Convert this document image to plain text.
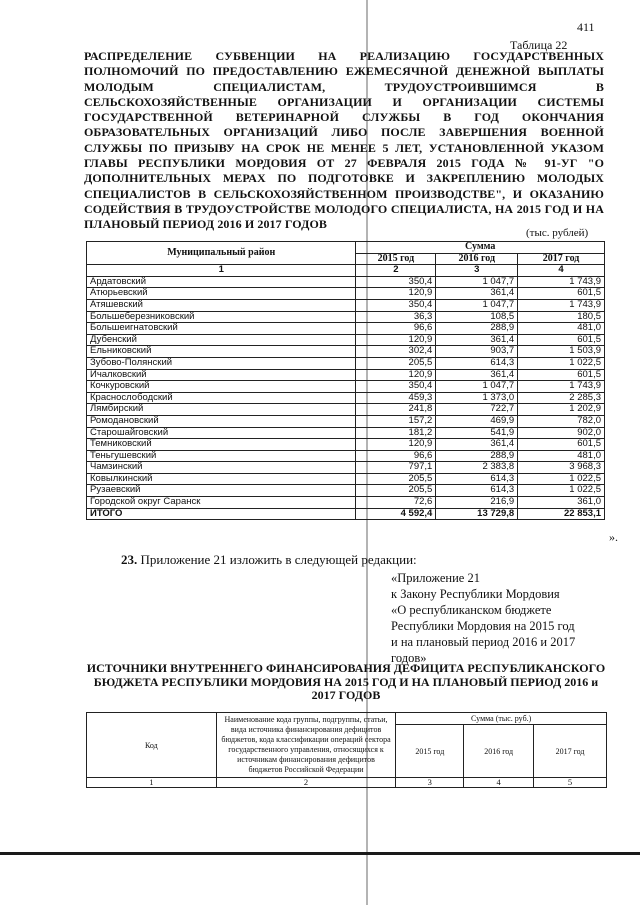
411
Таблица 22
РАСПРЕДЕЛЕНИЕ СУБВЕНЦИИ НА РЕАЛИЗАЦИЮ ГОСУДАРСТВЕННЫХ ПОЛНОМОЧИЙ ПО ПРЕДОСТАВЛЕНИЮ ЕЖЕМЕСЯЧНОЙ ДЕНЕЖНОЙ ВЫПЛАТЫ МОЛОДЫМ СПЕЦИАЛИСТАМ, ТРУДОУСТРОИВШИМСЯ В СЕЛЬСКОХОЗЯЙСТВЕННЫЕ ОРГАНИЗАЦИИ И ОРГАНИЗАЦИИ СИСТЕМЫ ГОСУДАРСТВЕННОЙ ВЕТЕРИНАРНОЙ СЛУЖБЫ В ГОД ОКОНЧАНИЯ ОБРАЗОВАТЕЛЬНЫХ ОРГАНИЗАЦИЙ ЛИБО ПОСЛЕ ЗАВЕРШЕНИЯ ВОЕННОЙ СЛУЖБЫ ПО ПРИЗЫВУ НА СРОК НЕ МЕНЕЕ 5 ЛЕТ, УСТАНОВЛЕННОЙ УКАЗОМ ГЛАВЫ РЕСПУБЛИКИ МОРДОВИЯ ОТ 27 ФЕВРАЛЯ 2015 ГОДА № 91-УГ "О ДОПОЛНИТЕЛЬНЫХ МЕРАХ ПО ПОДГОТОВКЕ И ЗАКРЕПЛЕНИЮ МОЛОДЫХ СПЕЦИАЛИСТОВ В СЕЛЬСКОХОЗЯЙСТВЕННОМ ПРОИЗВОДСТВЕ", И ОКАЗАНИЮ СОДЕЙСТВИЯ В ТРУДОУСТРОЙСТВЕ МОЛОДОГО СПЕЦИАЛИСТА, НА 2015 ГОД И НА ПЛАНОВЫЙ ПЕРИОД 2016 И 2017 ГОДОВ
(тыс. рублей)
Муниципальный район	Сумма		
	2015 год	2016 год	2017 год
1	2	3	4
Ардатовский	350,4	1 047,7	1 743,9
Атюрьевский	120,9	361,4	601,5
Атяшевский	350,4	1 047,7	1 743,9
Большеберезниковский	36,3	108,5	180,5
Большеигнатовский	96,6	288,9	481,0
Дубенский	120,9	361,4	601,5
Ельниковский	302,4	903,7	1 503,9
Зубово-Полянский	205,5	614,3	1 022,5
Ичалковский	120,9	361,4	601,5
Кочкуровский	350,4	1 047,7	1 743,9
Краснослободский	459,3	1 373,0	2 285,3
Лямбирский	241,8	722,7	1 202,9
Ромодановский	157,2	469,9	782,0
Старошайговский	181,2	541,9	902,0
Темниковский	120,9	361,4	601,5
Теньгушевский	96,6	288,9	481,0
Чамзинский	797,1	2 383,8	3 968,3
Ковылкинский	205,5	614,3	1 022,5
Рузаевский	205,5	614,3	1 022,5
Городской округ Саранск	72,6	216,9	361,0
ИТОГО	4 592,4	13 729,8	22 853,1
».
23. Приложение 21 изложить в следующей редакции:
«Приложение 21
к Закону Республики Мордовия
«О республиканском бюджете
Республики Мордовия на 2015 год
и на плановый период 2016 и 2017
годов»
ИСТОЧНИКИ ВНУТРЕННЕГО ФИНАНСИРОВАНИЯ ДЕФИЦИТА РЕСПУБЛИКАНСКОГО БЮДЖЕТА РЕСПУБЛИКИ МОРДОВИЯ НА 2015 ГОД И НА ПЛАНОВЫЙ ПЕРИОД 2016 и 2017 ГОДОВ
Код	Наименование кода группы, подгруппы, статьи, вида источника финансирования дефицитов бюджетов, кода классификации операций сектора государственного управления, относящихся к источникам финансирования дефицитов бюджетов Российской Федерации	Сумма (тыс. руб.)		
		2015 год	2016 год	2017 год
1	2	3	4	5
